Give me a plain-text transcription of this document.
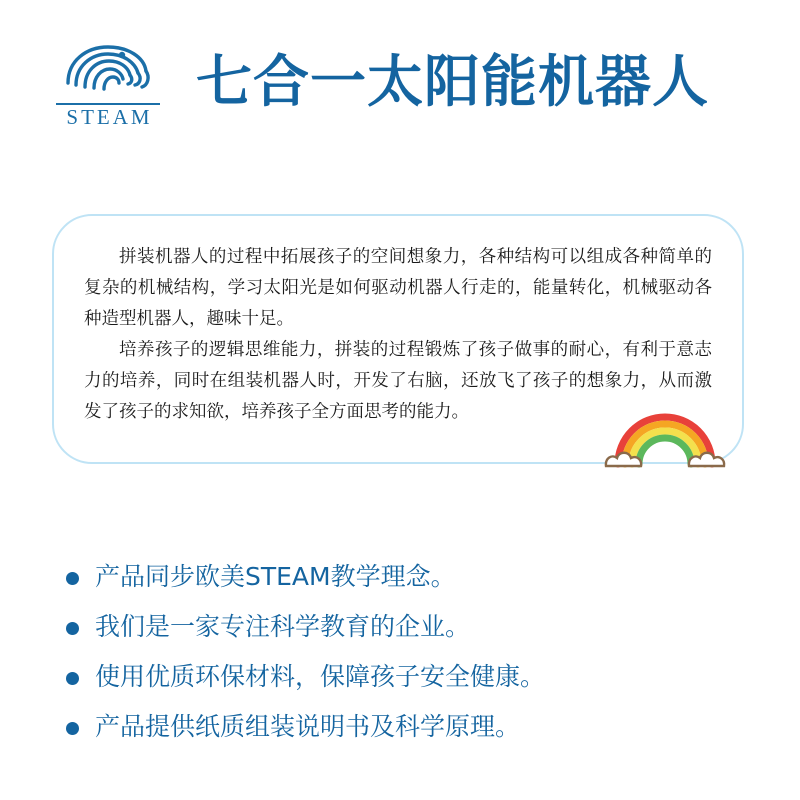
STEAM
七合一太阳能机器人

拼装机器人的过程中拓展孩子的空间想象力，各种结构可以组成各种简单的复杂的机械结构，学习太阳光是如何驱动机器人行走的，能量转化，机械驱动各种造型机器人，趣味十足。

培养孩子的逻辑思维能力，拼装的过程锻炼了孩子做事的耐心，有利于意志力的培养，同时在组装机器人时，开发了右脑，还放飞了孩子的想象力，从而激发了孩子的求知欲，培养孩子全方面思考的能力。

产品同步欧美STEAM教学理念。
我们是一家专注科学教育的企业。
使用优质环保材料，保障孩子安全健康。
产品提供纸质组装说明书及科学原理。
